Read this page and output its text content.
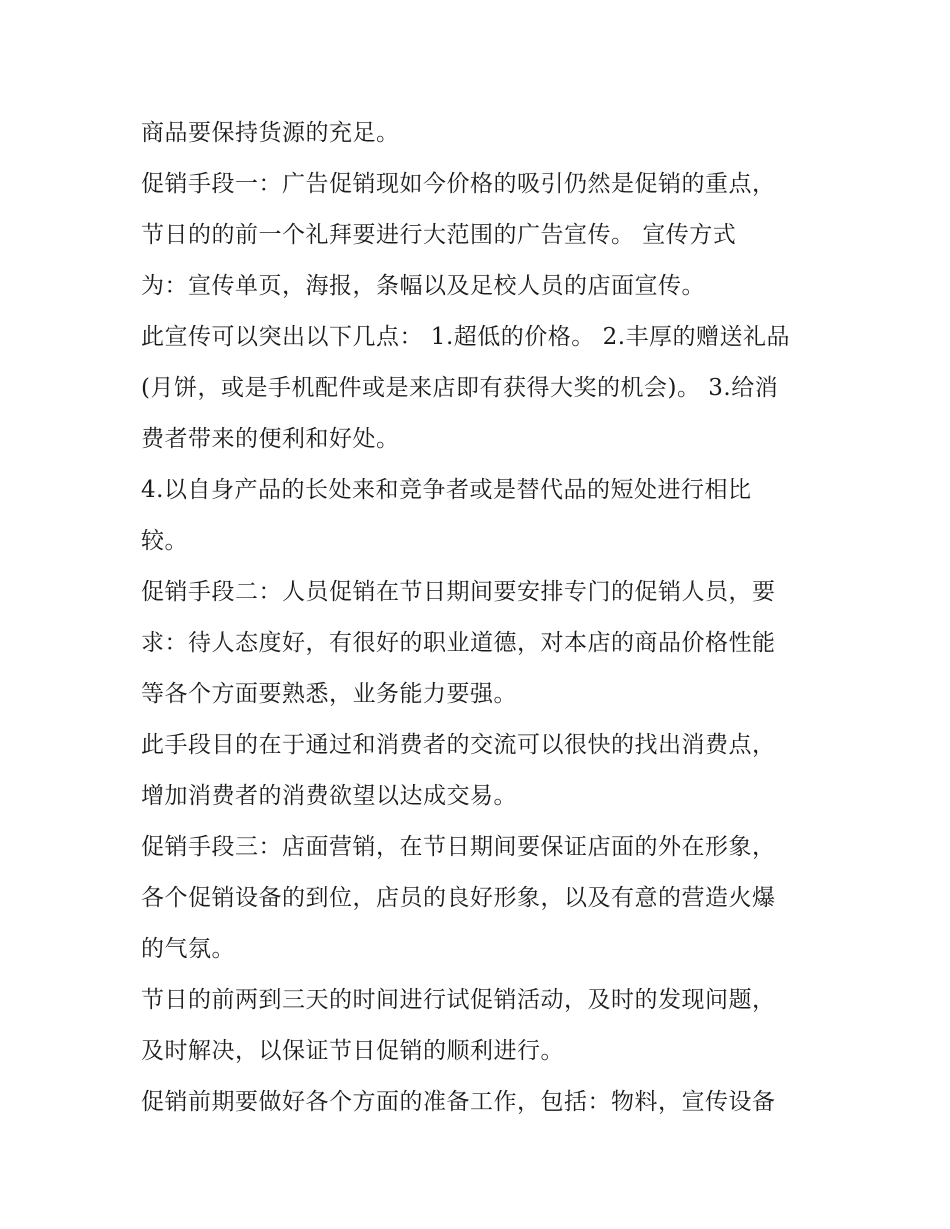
商品要保持货源的充足。
促销手段一：广告促销现如今价格的吸引仍然是促销的重点，
节日的的前一个礼拜要进行大范围的广告宣传。 宣传方式
为：宣传单页，海报，条幅以及足校人员的店面宣传。
此宣传可以突出以下几点： 1.超低的价格。 2.丰厚的赠送礼品
(月饼，或是手机配件或是来店即有获得大奖的机会)。 3.给消
费者带来的便利和好处。
4.以自身产品的长处来和竞争者或是替代品的短处进行相比
较。
促销手段二：人员促销在节日期间要安排专门的促销人员，要
求：待人态度好，有很好的职业道德，对本店的商品价格性能
等各个方面要熟悉，业务能力要强。
此手段目的在于通过和消费者的交流可以很快的找出消费点，
增加消费者的消费欲望以达成交易。
促销手段三：店面营销，在节日期间要保证店面的外在形象，
各个促销设备的到位，店员的良好形象，以及有意的营造火爆
的气氛。
节日的前两到三天的时间进行试促销活动，及时的发现问题，
及时解决，以保证节日促销的顺利进行。
促销前期要做好各个方面的准备工作，包括：物料，宣传设备
